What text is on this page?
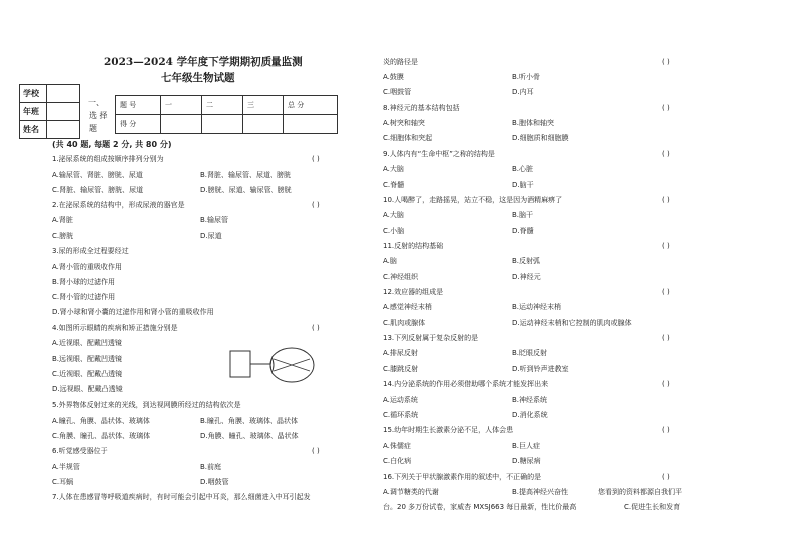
2023—2024 学年度下学期期初质量监测
七年级生物试题
学校	
年班	
姓名	
一、
选 择
题
题 号	一	二	三	总 分
得 分				
(共 40 题, 每题 2 分, 共 80 分)
1.泌尿系统的组成按顺序排列分别为	( )
A.输尿管、肾脏、膀胱、尿道	B.肾脏、输尿管、尿道、膀胱
C.肾脏、输尿管、膀胱、尿道	D.膀胱、尿道、输尿管、膀胱
2.在泌尿系统的结构中，形成尿液的器官是	( )
A.肾脏	B.输尿管
C.膀胱	D.尿道
3.尿的形成全过程要经过
A.肾小管的重吸收作用
B.肾小球的过滤作用
C.肾小管的过滤作用
D.肾小球和肾小囊的过滤作用和肾小管的重吸收作用
4.如图所示眼睛的疾病和矫正措施分别是	( )
A.近视眼、配戴凹透镜
B.远视眼、配戴凹透镜
C.近视眼、配戴凸透镜
D.远视眼、配戴凸透镜
5.外界物体反射过来的光线，到达视网膜所经过的结构依次是
A.瞳孔、角膜、晶状体、玻璃体	B.瞳孔、角膜、玻璃体、晶状体
C.角膜、瞳孔、晶状体、玻璃体	D.角膜、瞳孔、玻璃体、晶状体
6.听觉感受器位于	( )
A.半规管	B.前庭
C.耳蜗	D.咽鼓管
7.人体在患感冒等呼吸道疾病时，有时可能会引起中耳炎，那么细菌进入中耳引起发
炎的路径是	( )
A.鼓膜	B.听小骨
C.咽鼓管	D.内耳
8.神经元的基本结构包括	( )
A.树突和轴突	B.胞体和轴突
C.细胞体和突起	D.细胞质和细胞膜
9.人体内有“生命中枢”之称的结构是	( )
A.大脑	B.心脏
C.脊髓	D.脑干
10.人喝醉了，走路摇晃，站立不稳，这是因为酒精麻痹了	( )
A.大脑	B.脑干
C.小脑	D.脊髓
11.反射的结构基础	( )
A.脑	B.反射弧
C.神经组织	D.神经元
12.效应器的组成是	( )
A.感觉神经末梢	B.运动神经末梢
C.肌肉或腺体	D.运动神经末梢和它控制的肌肉或腺体
13.下列反射属于复杂反射的是	( )
A.排尿反射	B.眨眼反射
C.膝跳反射	D.听到铃声进教室
14.内分泌系统的作用必须借助哪个系统才能发挥出来	( )
A.运动系统	B.神经系统
C.循环系统	D.消化系统
15.幼年时期生长激素分泌不足，人体会患	( )
A.侏儒症	B.巨人症
C.白化病	D.糖尿病
16.下列关于甲状腺激素作用的叙述中，不正确的是	( )
A.调节糖类的代谢	B.提高神经兴奋性	您看到的资料都源自我们平
台。20 多万份试卷，家威杏 MXSJ663 每日最新，性比价最高	C.促进生长和发育
